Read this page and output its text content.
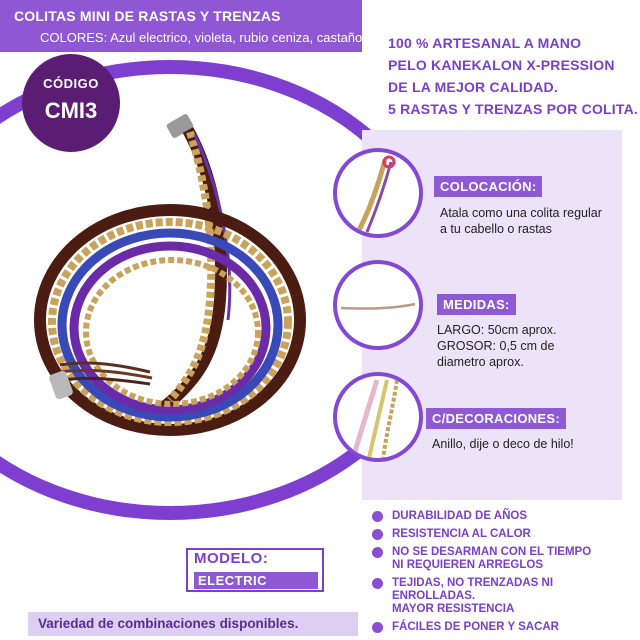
COLITAS MINI DE RASTAS Y TRENZAS
COLORES: Azul electrico, violeta, rubio ceniza, castaño
CÓDIGO
CMI3
100 % ARTESANAL A MANO
PELO KANEKALON X-PRESSION
DE LA MEJOR CALIDAD.
5 RASTAS Y TRENZAS POR COLITA.
COLOCACIÓN:
Atala como una colita regular a tu cabello o rastas
MEDIDAS:
LARGO: 50cm aprox.
GROSOR: 0,5 cm de diametro aprox.
C/DECORACIONES:
Anillo, dije o deco de hilo!
DURABILIDAD DE AÑOS
RESISTENCIA AL CALOR
NO SE DESARMAN CON EL TIEMPO
NI REQUIEREN ARREGLOS
TEJIDAS, NO TRENZADAS NI ENROLLADAS.
MAYOR RESISTENCIA
FÁCILES DE PONER Y SACAR
MODELO:
ELECTRIC
Variedad de combinaciones disponibles.
